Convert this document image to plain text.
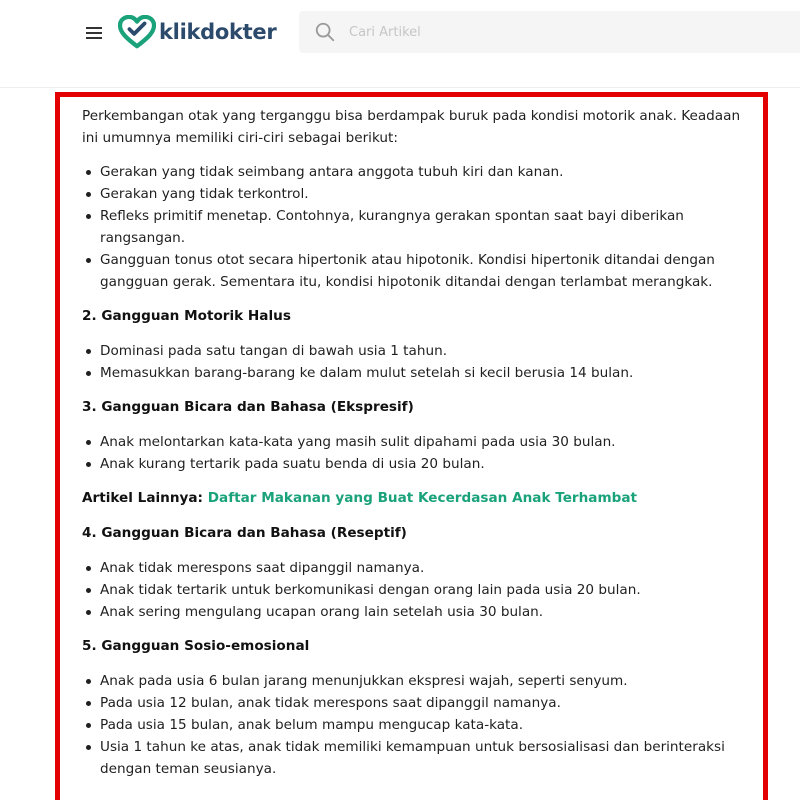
klikdokter
Cari Artikel

Perkembangan otak yang terganggu bisa berdampak buruk pada kondisi motorik anak. Keadaan ini umumnya memiliki ciri-ciri sebagai berikut:

Gerakan yang tidak seimbang antara anggota tubuh kiri dan kanan.
Gerakan yang tidak terkontrol.
Refleks primitif menetap. Contohnya, kurangnya gerakan spontan saat bayi diberikan rangsangan.
Gangguan tonus otot secara hipertonik atau hipotonik. Kondisi hipertonik ditandai dengan gangguan gerak. Sementara itu, kondisi hipotonik ditandai dengan terlambat merangkak.
2. Gangguan Motorik Halus
Dominasi pada satu tangan di bawah usia 1 tahun.
Memasukkan barang-barang ke dalam mulut setelah si kecil berusia 14 bulan.
3. Gangguan Bicara dan Bahasa (Ekspresif)
Anak melontarkan kata-kata yang masih sulit dipahami pada usia 30 bulan.
Anak kurang tertarik pada suatu benda di usia 20 bulan.

Artikel Lainnya: Daftar Makanan yang Buat Kecerdasan Anak Terhambat

4. Gangguan Bicara dan Bahasa (Reseptif)
Anak tidak merespons saat dipanggil namanya.
Anak tidak tertarik untuk berkomunikasi dengan orang lain pada usia 20 bulan.
Anak sering mengulang ucapan orang lain setelah usia 30 bulan.
5. Gangguan Sosio-emosional
Anak pada usia 6 bulan jarang menunjukkan ekspresi wajah, seperti senyum.
Pada usia 12 bulan, anak tidak merespons saat dipanggil namanya.
Pada usia 15 bulan, anak belum mampu mengucap kata-kata.
Usia 1 tahun ke atas, anak tidak memiliki kemampuan untuk bersosialisasi dan berinteraksi dengan teman seusianya.
